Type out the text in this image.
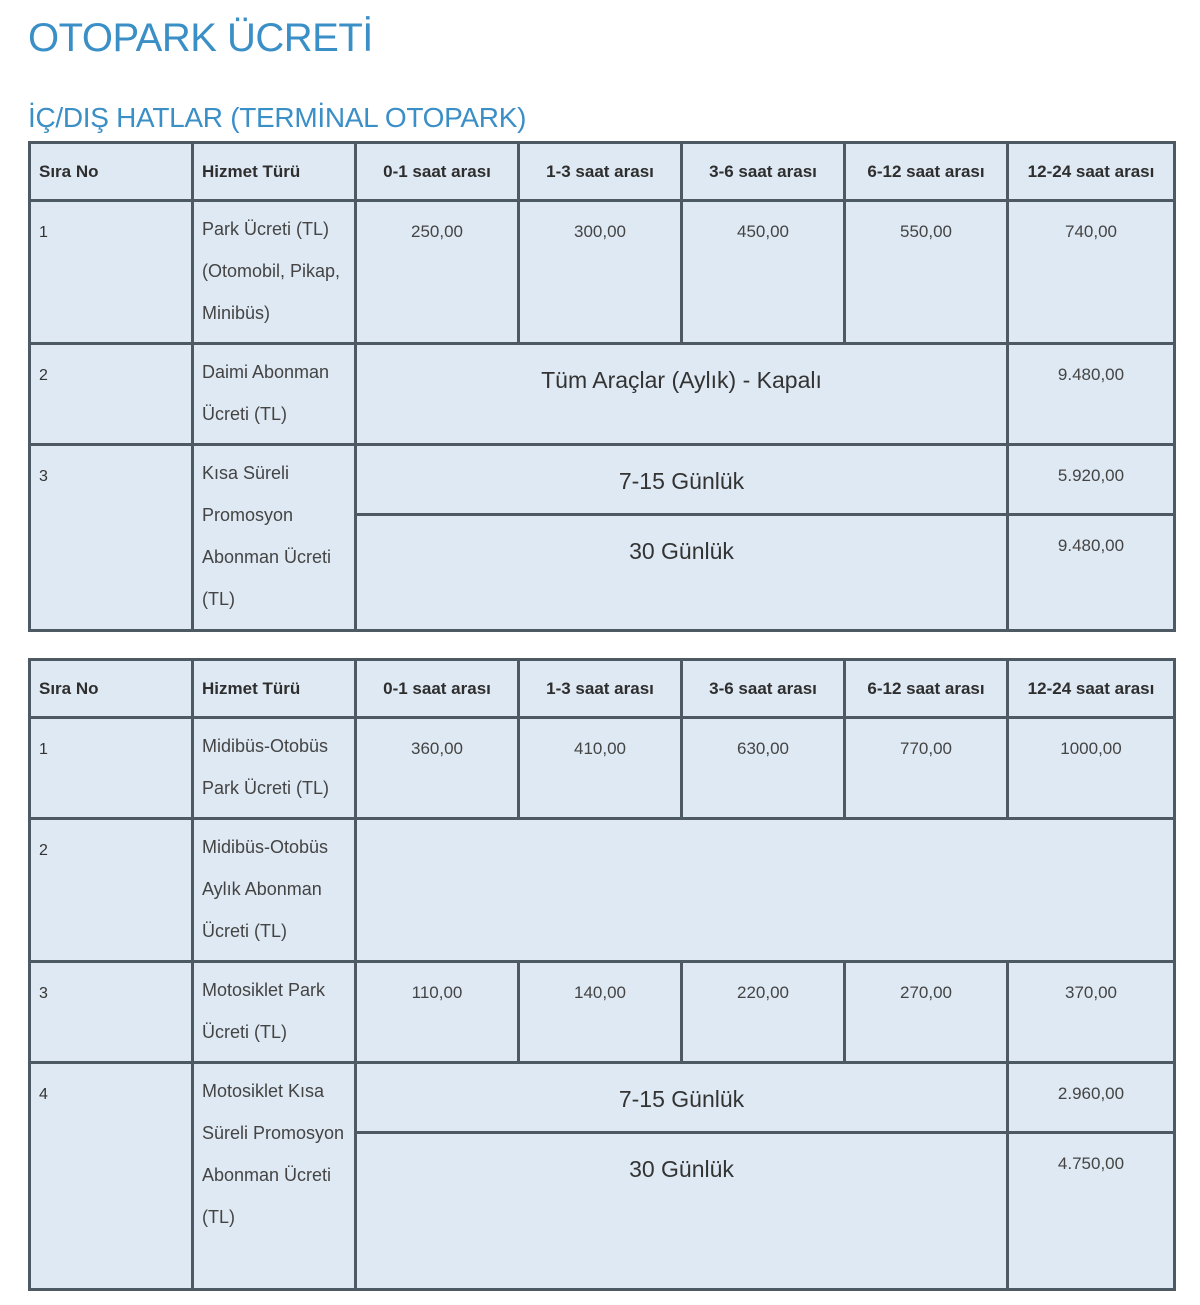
OTOPARK ÜCRETİ
İÇ/DIŞ HATLAR (TERMİNAL OTOPARK)
Sıra No	Hizmet Türü	0-1 saat arası	1-3 saat arası	3-6 saat arası	6-12 saat arası	12-24 saat arası
1	Park Ücreti (TL) (Otomobil, Pikap, Minibüs)	250,00	300,00	450,00	550,00	740,00
2	Daimi Abonman Ücreti (TL)	Tüm Araçlar (Aylık) - Kapalı				9.480,00
3	Kısa Süreli Promosyon Abonman Ücreti (TL)	7-15 Günlük				5.920,00
		30 Günlük				9.480,00
Sıra No	Hizmet Türü	0-1 saat arası	1-3 saat arası	3-6 saat arası	6-12 saat arası	12-24 saat arası
1	Midibüs-Otobüs Park Ücreti (TL)	360,00	410,00	630,00	770,00	1000,00
2	Midibüs-Otobüs Aylık Abonman Ücreti (TL)					
3	Motosiklet Park Ücreti (TL)	110,00	140,00	220,00	270,00	370,00
4	Motosiklet Kısa Süreli Promosyon Abonman Ücreti (TL)	7-15 Günlük				2.960,00
		30 Günlük				4.750,00
